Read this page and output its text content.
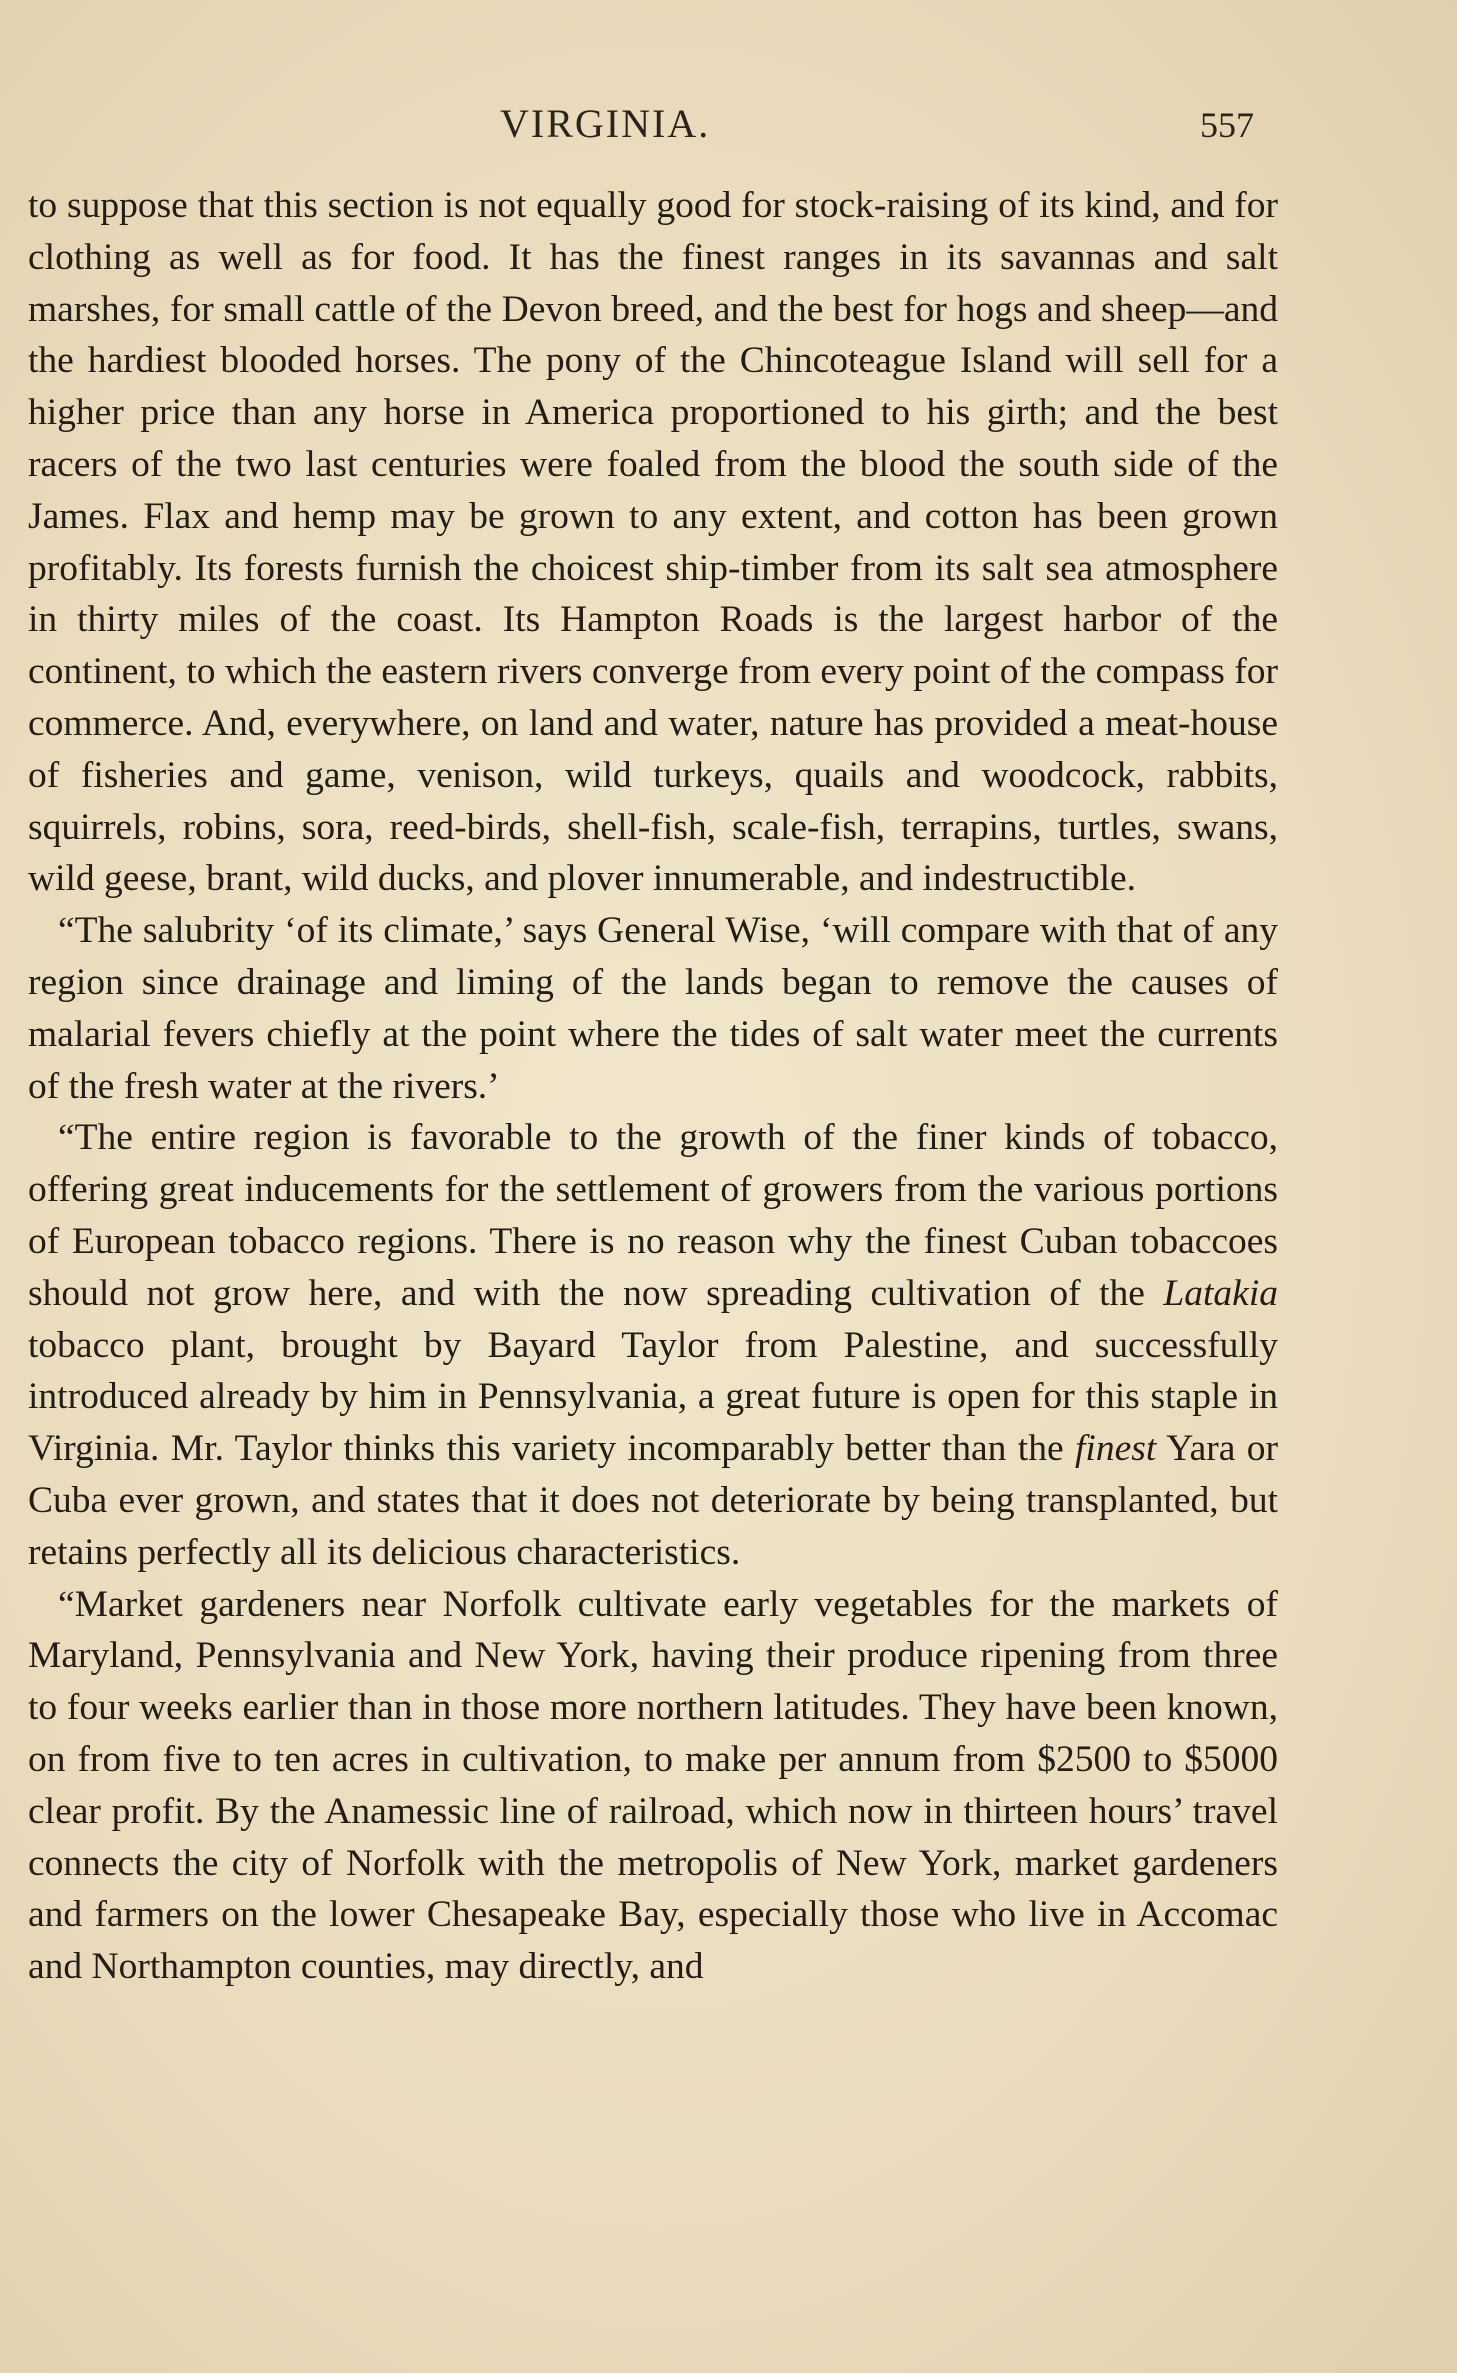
VIRGINIA.	557

to suppose that this section is not equally good for stock-raising of its kind, and for clothing as well as for food. It has the finest ranges in its savannas and salt marshes, for small cattle of the Devon breed, and the best for hogs and sheep—and the hardiest blooded horses. The pony of the Chincoteague Island will sell for a higher price than any horse in America proportioned to his girth; and the best racers of the two last centuries were foaled from the blood the south side of the James. Flax and hemp may be grown to any extent, and cotton has been grown profitably. Its forests furnish the choicest ship-timber from its salt sea atmosphere in thirty miles of the coast. Its Hampton Roads is the largest harbor of the continent, to which the eastern rivers converge from every point of the compass for commerce. And, everywhere, on land and water, nature has provided a meat-house of fisheries and game, venison, wild turkeys, quails and woodcock, rabbits, squirrels, robins, sora, reed-birds, shell-fish, scale-fish, terrapins, turtles, swans, wild geese, brant, wild ducks, and plover innumerable, and indestructible.

“The salubrity ‘of its climate,’ says General Wise, ‘will compare with that of any region since drainage and liming of the lands began to remove the causes of malarial fevers chiefly at the point where the tides of salt water meet the currents of the fresh water at the rivers.’

“The entire region is favorable to the growth of the finer kinds of tobacco, offering great inducements for the settlement of growers from the various portions of European tobacco regions. There is no reason why the finest Cuban tobaccoes should not grow here, and with the now spreading cultivation of the Latakia tobacco plant, brought by Bayard Taylor from Palestine, and successfully introduced already by him in Pennsylvania, a great future is open for this staple in Virginia. Mr. Taylor thinks this variety incomparably better than the finest Yara or Cuba ever grown, and states that it does not deteriorate by being transplanted, but retains perfectly all its delicious characteristics.

“Market gardeners near Norfolk cultivate early vegetables for the markets of Maryland, Pennsylvania and New York, having their produce ripening from three to four weeks earlier than in those more northern latitudes. They have been known, on from five to ten acres in cultivation, to make per annum from $2500 to $5000 clear profit. By the Anamessic line of railroad, which now in thirteen hours’ travel connects the city of Norfolk with the metropolis of New York, market gardeners and farmers on the lower Chesapeake Bay, especially those who live in Accomac and Northampton counties, may directly, and
